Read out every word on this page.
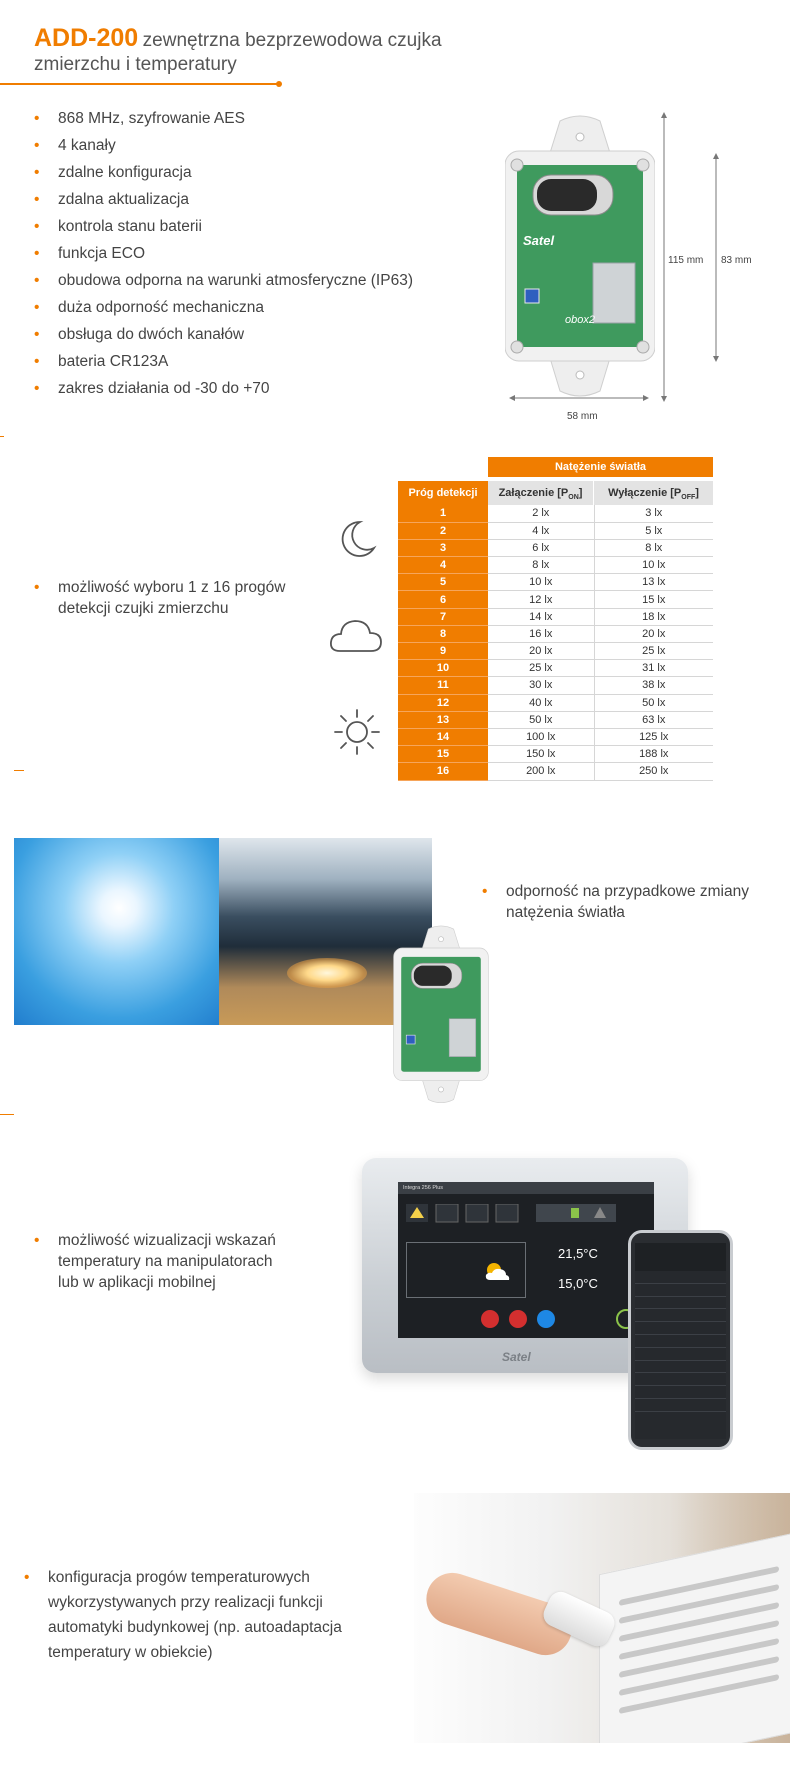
ADD-200 zewnętrzna bezprzewodowa czujka
zmierzchu i temperatury
• 868 MHz, szyfrowanie AES
• 4 kanały
• zdalne konfiguracja
• zdalna aktualizacja
• kontrola stanu baterii
• funkcja ECO
• obudowa odporna na warunki atmosferyczne (IP63)
• duża odporność mechaniczna
• obsługa do dwóch kanałów
• bateria CR123A
• zakres działania od -30 do +70
Satel
obox2
115 mm 83 mm
58 mm
• możliwość wyboru 1 z 16 progów
detekcji czujki zmierzchu
Natężenie światła
Próg detekcji	Załączenie $[P_{ON}]$	Wyłączenie $[P_{OFF}]$
1	2 lx	3 lx
2	4 lx	5 lx
3	6 lx	8 lx
4	8 lx	10 lx
5	10 lx	13 lx
6	12 lx	15 lx
7	14 lx	18 lx
8	16 lx	20 lx
9	20 lx	25 lx
10	25 lx	31 lx
11	30 lx	38 lx
12	40 lx	50 lx
13	50 lx	63 lx
14	100 lx	125 lx
15	150 lx	188 lx
16	200 lx	250 lx
• odporność na przypadkowe zmiany
natężenia światła
• możliwość wizualizacji wskazań
temperatury na manipulatorach
lub w aplikacji mobilnej
Integra 256 Plus
21,5°C
15,0°C
Satel
• konfiguracja progów temperaturowych
wykorzystywanych przy realizacji funkcji
automatyki budynkowej (np. autoadaptacja
temperatury w obiekcie)
